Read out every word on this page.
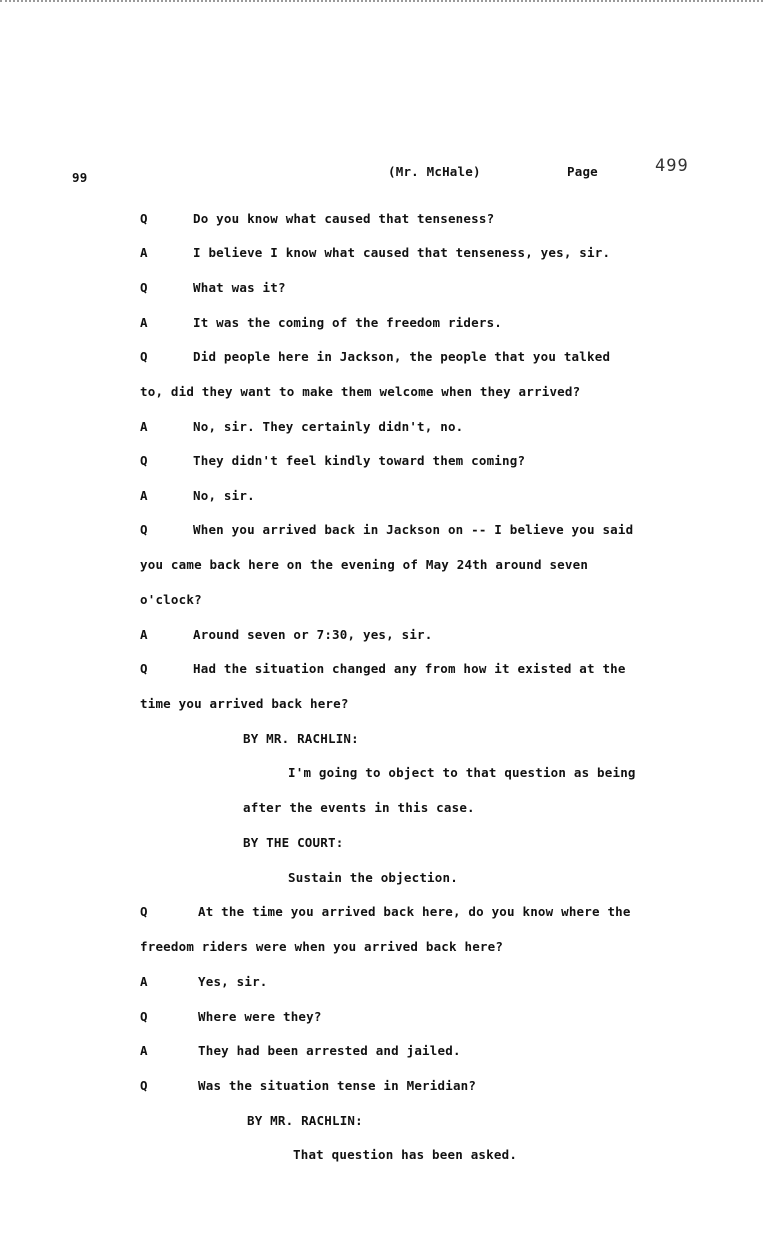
99	(Mr. McHale)	Page	499
Q	Do you know what caused that tenseness?
A	I believe I know what caused that tenseness, yes, sir.
Q	What was it?
A	It was the coming of the freedom riders.
Q	Did people here in Jackson, the people that you talked
to, did they want to make them welcome when they arrived?
A	No, sir. They certainly didn't, no.
Q	They didn't feel kindly toward them coming?
A	No, sir.
Q	When you arrived back in Jackson on -- I believe you said
you came back here on the evening of May 24th around seven
o'clock?
A	Around seven or 7:30, yes, sir.
Q	Had the situation changed any from how it existed at the
time you arrived back here?
BY MR. RACHLIN:
I'm going to object to that question as being
after the events in this case.
BY THE COURT:
Sustain the objection.
Q	At the time you arrived back here, do you know where the
freedom riders were when you arrived back here?
A	Yes, sir.
Q	Where were they?
A	They had been arrested and jailed.
Q	Was the situation tense in Meridian?
BY MR. RACHLIN:
That question has been asked.
